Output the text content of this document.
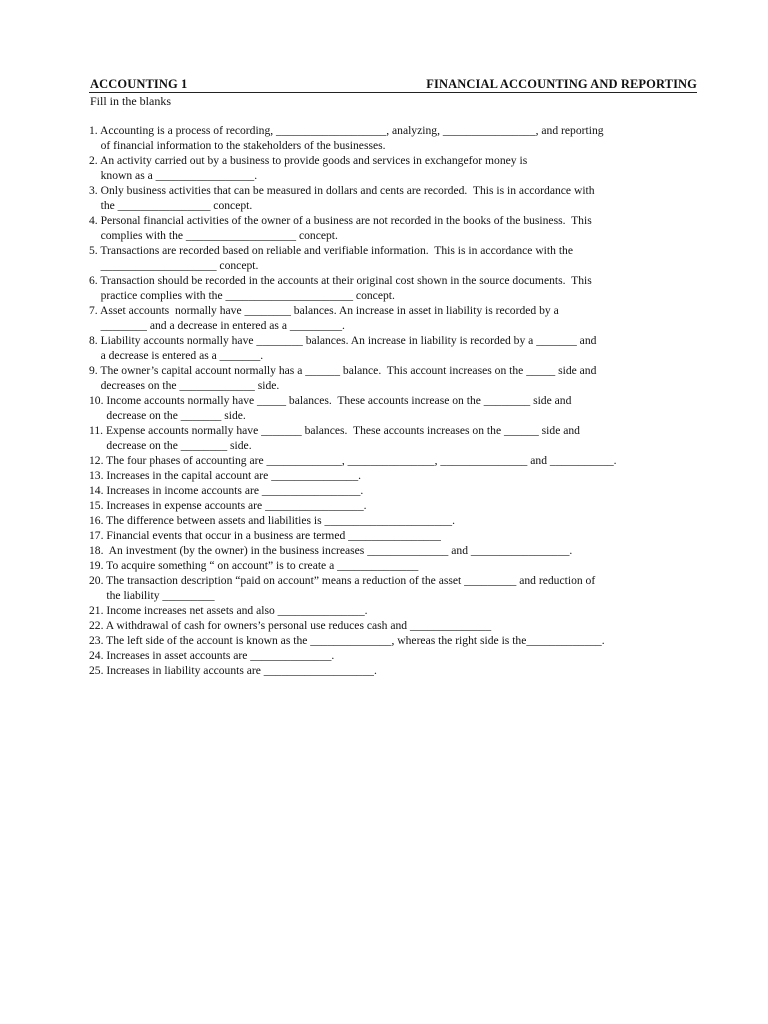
ACCOUNTING 1	FINANCIAL ACCOUNTING AND REPORTING
Fill in the blanks
1. Accounting is a process of recording, ___________________, analyzing, ________________, and reporting
of financial information to the stakeholders of the businesses.
2. An activity carried out by a business to provide goods and services in exchangefor money is
known as a _________________.
3. Only business activities that can be measured in dollars and cents are recorded.  This is in accordance with
the ________________ concept.
4. Personal financial activities of the owner of a business are not recorded in the books of the business.  This
complies with the ___________________ concept.
5. Transactions are recorded based on reliable and verifiable information.  This is in accordance with the
____________________ concept.
6. Transaction should be recorded in the accounts at their original cost shown in the source documents.  This
practice complies with the ______________________ concept.
7. Asset accounts  normally have ________ balances. An increase in asset in liability is recorded by a
________ and a decrease in entered as a _________.
8. Liability accounts normally have ________ balances. An increase in liability is recorded by a _______ and
a decrease is entered as a _______.
9. The owner’s capital account normally has a ______ balance.  This account increases on the _____ side and
decreases on the _____________ side.
10. Income accounts normally have _____ balances.  These accounts increase on the ________ side and
decrease on the _______ side.
11. Expense accounts normally have _______ balances.  These accounts increases on the ______ side and
decrease on the ________ side.
12. The four phases of accounting are _____________, _______________, _______________ and ___________.
13. Increases in the capital account are _______________.
14. Increases in income accounts are _________________.
15. Increases in expense accounts are _________________.
16. The difference between assets and liabilities is ______________________.
17. Financial events that occur in a business are termed ________________
18.  An investment (by the owner) in the business increases ______________ and _________________.
19. To acquire something “ on account” is to create a ______________
20. The transaction description “paid on account” means a reduction of the asset _________ and reduction of
the liability _________
21. Income increases net assets and also _______________.
22. A withdrawal of cash for owners’s personal use reduces cash and ______________
23. The left side of the account is known as the ______________, whereas the right side is the_____________.
24. Increases in asset accounts are ______________.
25. Increases in liability accounts are ___________________.
